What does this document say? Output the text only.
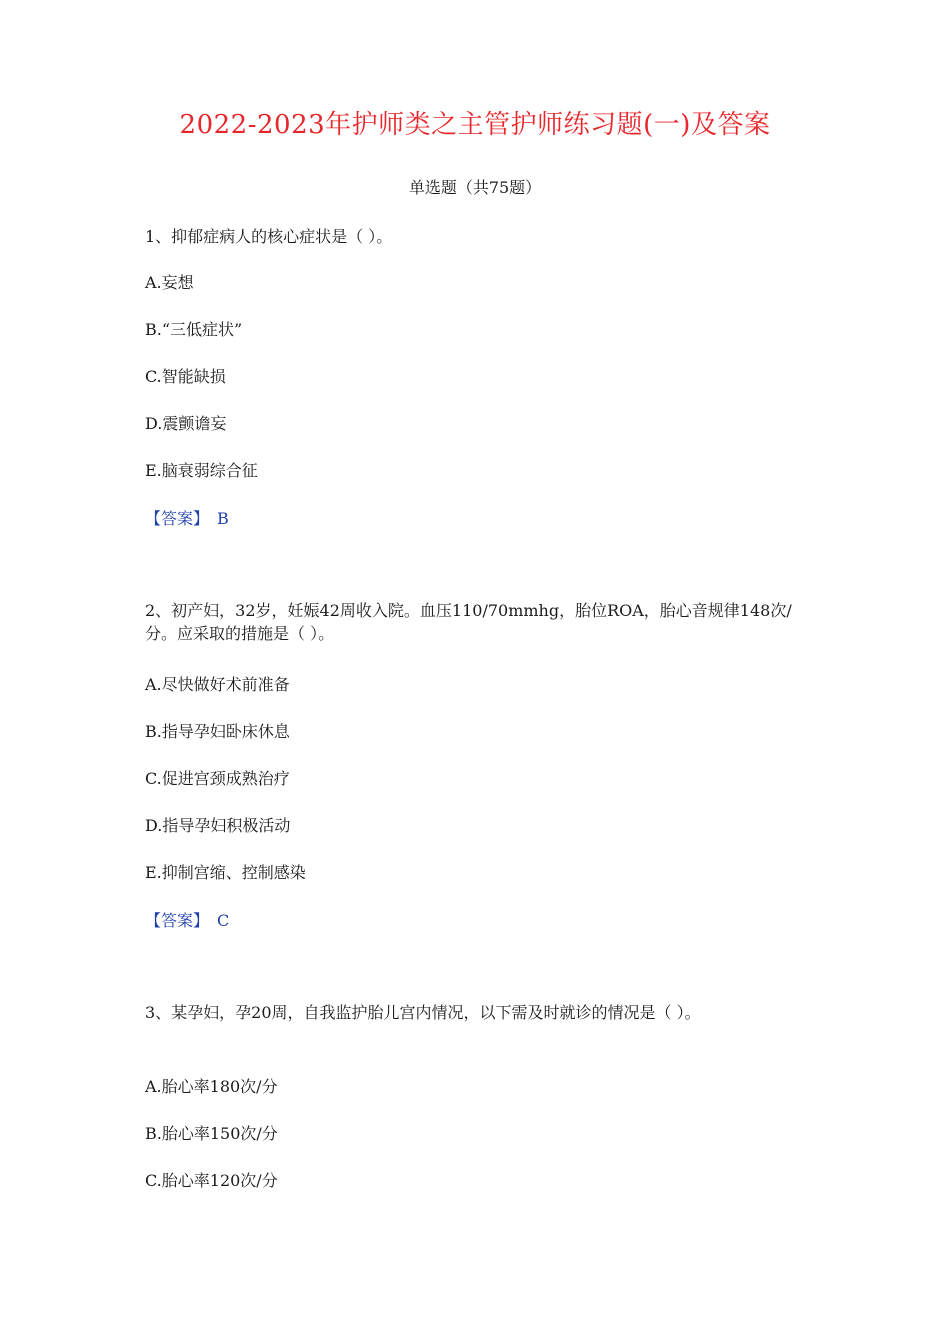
2022-2023年护师类之主管护师练习题(一)及答案
单选题（共75题）
1、抑郁症病人的核心症状是（ ）。
A.妄想
B.“三低症状”
C.智能缺损
D.震颤谵妄
E.脑衰弱综合征
【答案】 B
2、初产妇，32岁，妊娠42周收入院。血压110/70mmhg，胎位ROA，胎心音规律148次/分。应采取的措施是（ ）。
A.尽快做好术前准备
B.指导孕妇卧床休息
C.促进宫颈成熟治疗
D.指导孕妇积极活动
E.抑制宫缩、控制感染
【答案】 C
3、某孕妇，孕20周，自我监护胎儿宫内情况，以下需及时就诊的情况是（ ）。
A.胎心率180次/分
B.胎心率150次/分
C.胎心率120次/分
